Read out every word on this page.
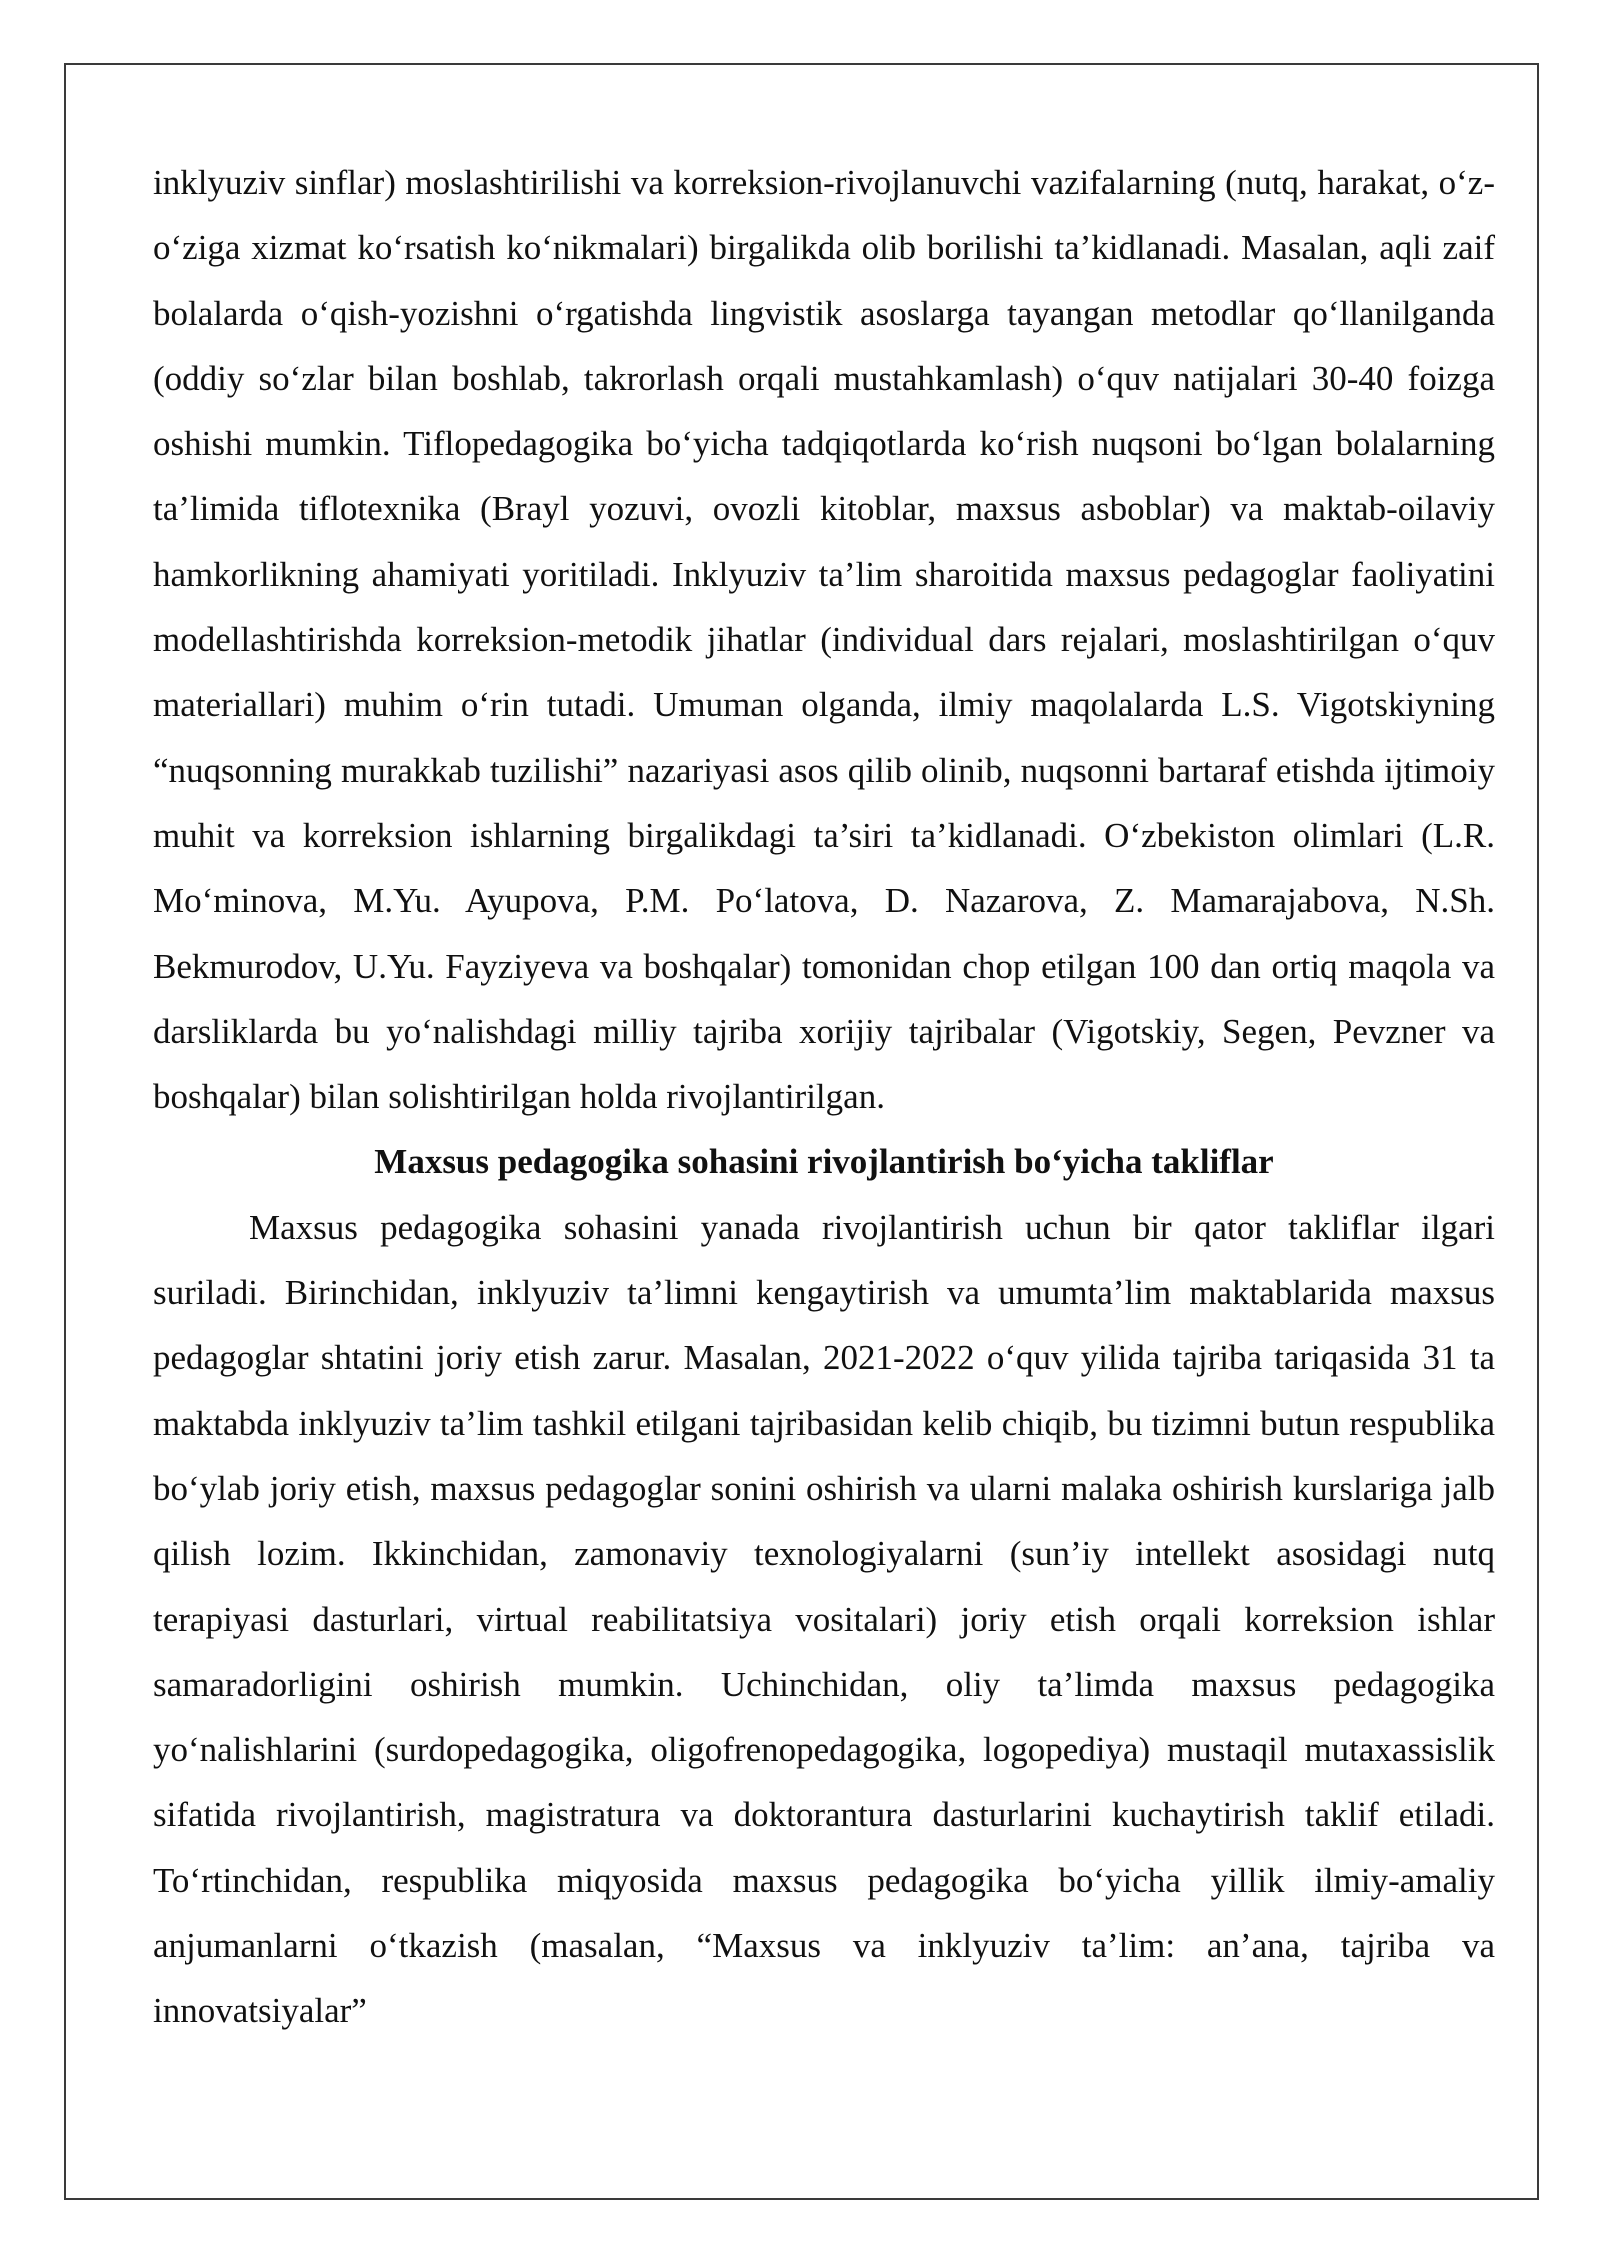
inklyuziv sinflar) moslashtirilishi va korreksion-rivojlanuvchi vazifalarning (nutq, harakat, o‘z-o‘ziga xizmat ko‘rsatish ko‘nikmalari) birgalikda olib borilishi ta’kidlanadi. Masalan, aqli zaif bolalarda o‘qish-yozishni o‘rgatishda lingvistik asoslarga tayangan metodlar qo‘llanilganda (oddiy so‘zlar bilan boshlab, takrorlash orqali mustahkamlash) o‘quv natijalari 30-40 foizga oshishi mumkin. Tiflopedagogika bo‘yicha tadqiqotlarda ko‘rish nuqsoni bo‘lgan bolalarning ta’limida tiflotexnika (Brayl yozuvi, ovozli kitoblar, maxsus asboblar) va maktab-oilaviy hamkorlikning ahamiyati yoritiladi. Inklyuziv ta’lim sharoitida maxsus pedagoglar faoliyatini modellashtirishda korreksion-metodik jihatlar (individual dars rejalari, moslashtirilgan o‘quv materiallari) muhim o‘rin tutadi. Umuman olganda, ilmiy maqolalarda L.S. Vigotskiyning “nuqsonning murakkab tuzilishi” nazariyasi asos qilib olinib, nuqsonni bartaraf etishda ijtimoiy muhit va korreksion ishlarning birgalikdagi ta’siri ta’kidlanadi. O‘zbekiston olimlari (L.R. Mo‘minova, M.Yu. Ayupova, P.M. Po‘latova, D. Nazarova, Z. Mamarajabova, N.Sh. Bekmurodov, U.Yu. Fayziyeva va boshqalar) tomonidan chop etilgan 100 dan ortiq maqola va darsliklarda bu yo‘nalishdagi milliy tajriba xorijiy tajribalar (Vigotskiy, Segen, Pevzner va boshqalar) bilan solishtirilgan holda rivojlantirilgan.

Maxsus pedagogika sohasini rivojlantirish bo‘yicha takliflar

Maxsus pedagogika sohasini yanada rivojlantirish uchun bir qator takliflar ilgari suriladi. Birinchidan, inklyuziv ta’limni kengaytirish va umumta’lim maktablarida maxsus pedagoglar shtatini joriy etish zarur. Masalan, 2021-2022 o‘quv yilida tajriba tariqasida 31 ta maktabda inklyuziv ta’lim tashkil etilgani tajribasidan kelib chiqib, bu tizimni butun respublika bo‘ylab joriy etish, maxsus pedagoglar sonini oshirish va ularni malaka oshirish kurslariga jalb qilish lozim. Ikkinchidan, zamonaviy texnologiyalarni (sun’iy intellekt asosidagi nutq terapiyasi dasturlari, virtual reabilitatsiya vositalari) joriy etish orqali korreksion ishlar samaradorligini oshirish mumkin. Uchinchidan, oliy ta’limda maxsus pedagogika yo‘nalishlarini (surdopedagogika, oligofrenopedagogika, logopediya) mustaqil mutaxassislik sifatida rivojlantirish, magistratura va doktorantura dasturlarini kuchaytirish taklif etiladi. To‘rtinchidan, respublika miqyosida maxsus pedagogika bo‘yicha yillik ilmiy-amaliy anjumanlarni o‘tkazish (masalan, “Maxsus va inklyuziv ta’lim: an’ana, tajriba va innovatsiyalar”
